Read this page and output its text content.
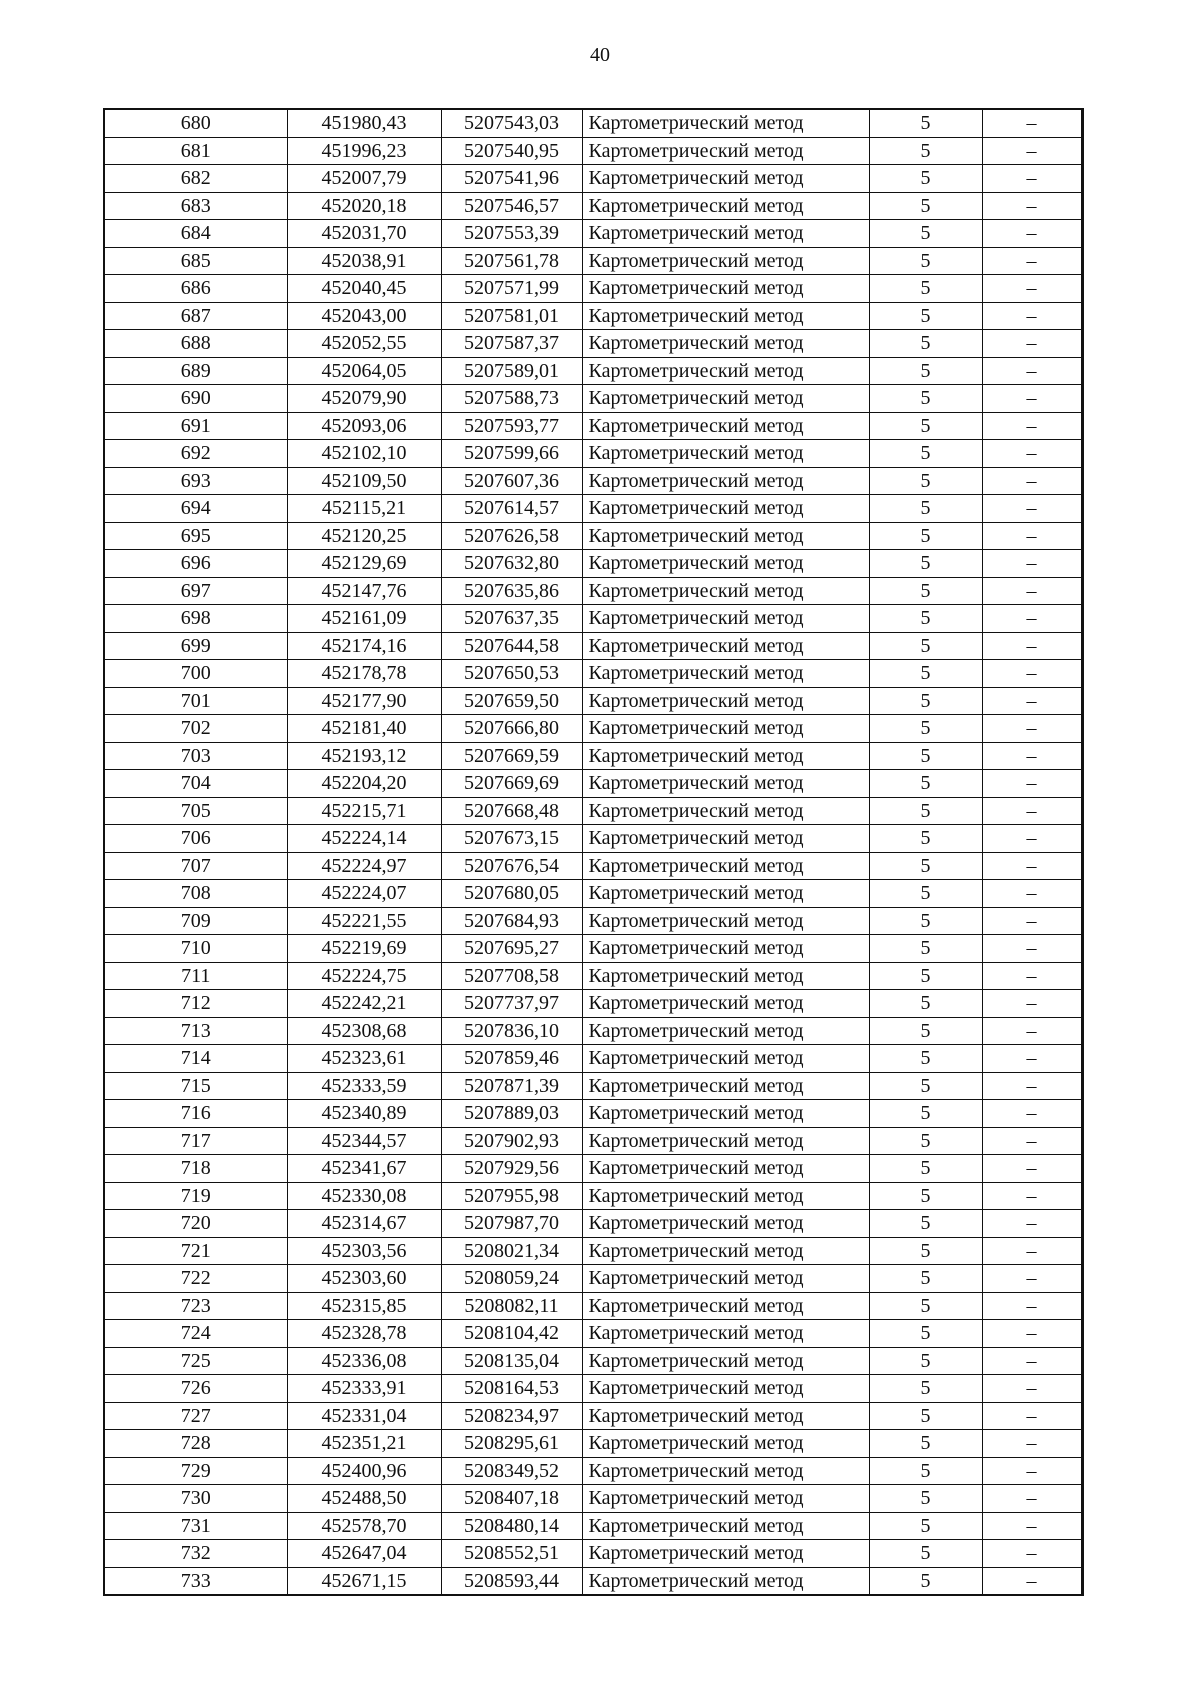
40
680	451980,43	5207543,03	Картометрический метод	5	–
681	451996,23	5207540,95	Картометрический метод	5	–
682	452007,79	5207541,96	Картометрический метод	5	–
683	452020,18	5207546,57	Картометрический метод	5	–
684	452031,70	5207553,39	Картометрический метод	5	–
685	452038,91	5207561,78	Картометрический метод	5	–
686	452040,45	5207571,99	Картометрический метод	5	–
687	452043,00	5207581,01	Картометрический метод	5	–
688	452052,55	5207587,37	Картометрический метод	5	–
689	452064,05	5207589,01	Картометрический метод	5	–
690	452079,90	5207588,73	Картометрический метод	5	–
691	452093,06	5207593,77	Картометрический метод	5	–
692	452102,10	5207599,66	Картометрический метод	5	–
693	452109,50	5207607,36	Картометрический метод	5	–
694	452115,21	5207614,57	Картометрический метод	5	–
695	452120,25	5207626,58	Картометрический метод	5	–
696	452129,69	5207632,80	Картометрический метод	5	–
697	452147,76	5207635,86	Картометрический метод	5	–
698	452161,09	5207637,35	Картометрический метод	5	–
699	452174,16	5207644,58	Картометрический метод	5	–
700	452178,78	5207650,53	Картометрический метод	5	–
701	452177,90	5207659,50	Картометрический метод	5	–
702	452181,40	5207666,80	Картометрический метод	5	–
703	452193,12	5207669,59	Картометрический метод	5	–
704	452204,20	5207669,69	Картометрический метод	5	–
705	452215,71	5207668,48	Картометрический метод	5	–
706	452224,14	5207673,15	Картометрический метод	5	–
707	452224,97	5207676,54	Картометрический метод	5	–
708	452224,07	5207680,05	Картометрический метод	5	–
709	452221,55	5207684,93	Картометрический метод	5	–
710	452219,69	5207695,27	Картометрический метод	5	–
711	452224,75	5207708,58	Картометрический метод	5	–
712	452242,21	5207737,97	Картометрический метод	5	–
713	452308,68	5207836,10	Картометрический метод	5	–
714	452323,61	5207859,46	Картометрический метод	5	–
715	452333,59	5207871,39	Картометрический метод	5	–
716	452340,89	5207889,03	Картометрический метод	5	–
717	452344,57	5207902,93	Картометрический метод	5	–
718	452341,67	5207929,56	Картометрический метод	5	–
719	452330,08	5207955,98	Картометрический метод	5	–
720	452314,67	5207987,70	Картометрический метод	5	–
721	452303,56	5208021,34	Картометрический метод	5	–
722	452303,60	5208059,24	Картометрический метод	5	–
723	452315,85	5208082,11	Картометрический метод	5	–
724	452328,78	5208104,42	Картометрический метод	5	–
725	452336,08	5208135,04	Картометрический метод	5	–
726	452333,91	5208164,53	Картометрический метод	5	–
727	452331,04	5208234,97	Картометрический метод	5	–
728	452351,21	5208295,61	Картометрический метод	5	–
729	452400,96	5208349,52	Картометрический метод	5	–
730	452488,50	5208407,18	Картометрический метод	5	–
731	452578,70	5208480,14	Картометрический метод	5	–
732	452647,04	5208552,51	Картометрический метод	5	–
733	452671,15	5208593,44	Картометрический метод	5	–
